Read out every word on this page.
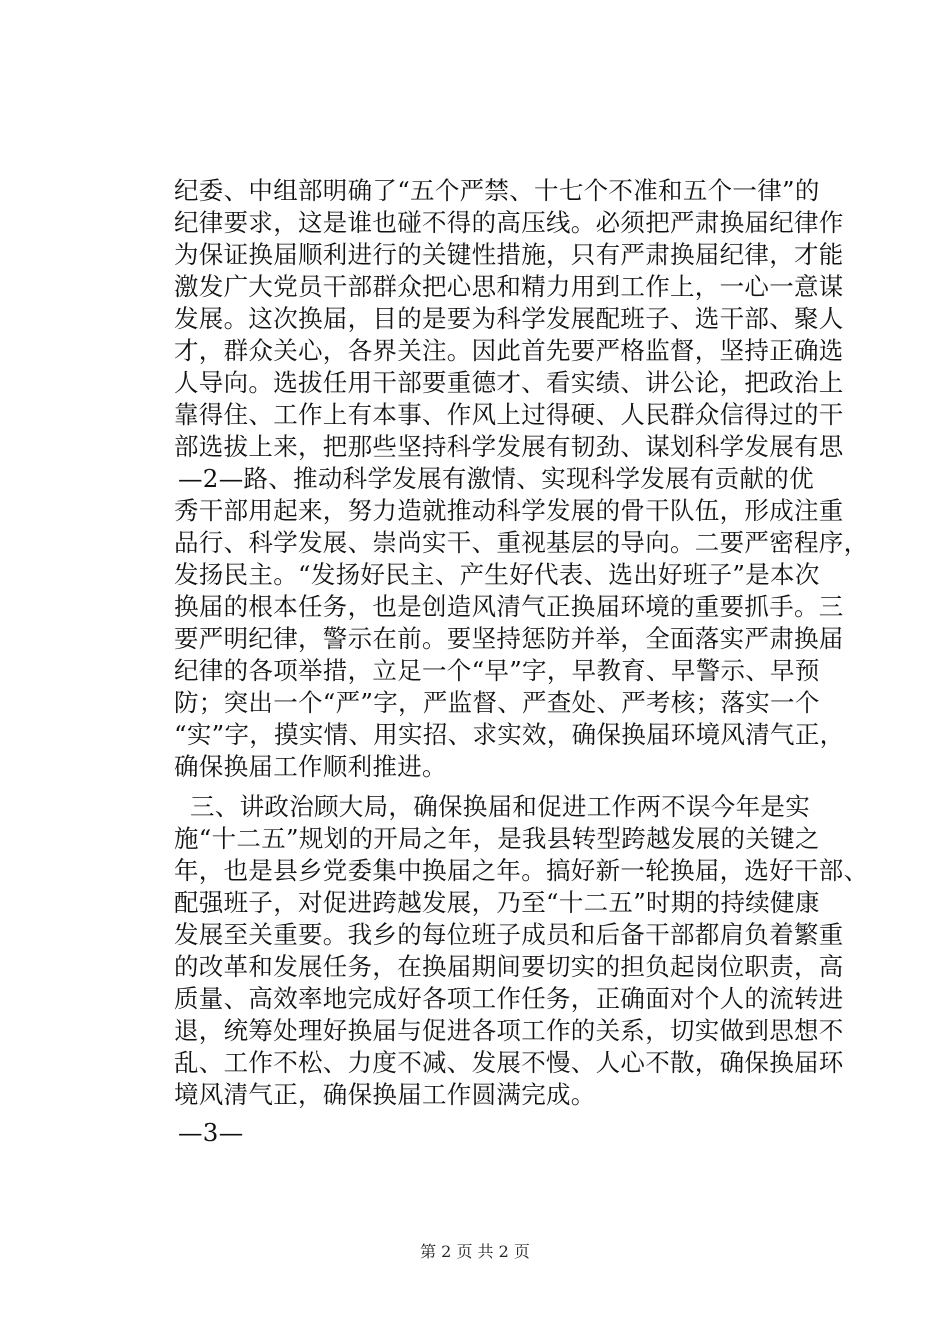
纪委、中组部明确了“五个严禁、十七个不准和五个一律”的
纪律要求，这是谁也碰不得的高压线。必须把严肃换届纪律作
为保证换届顺利进行的关键性措施，只有严肃换届纪律，才能
激发广大党员干部群众把心思和精力用到工作上，一心一意谋
发展。这次换届，目的是要为科学发展配班子、选干部、聚人
才，群众关心，各界关注。因此首先要严格监督，坚持正确选
人导向。选拔任用干部要重德才、看实绩、讲公论，把政治上
靠得住、工作上有本事、作风上过得硬、人民群众信得过的干
部选拔上来，把那些坚持科学发展有韧劲、谋划科学发展有思
—2—路、推动科学发展有激情、实现科学发展有贡献的优
秀干部用起来，努力造就推动科学发展的骨干队伍，形成注重
品行、科学发展、崇尚实干、重视基层的导向。二要严密程序，
发扬民主。“发扬好民主、产生好代表、选出好班子”是本次
换届的根本任务，也是创造风清气正换届环境的重要抓手。三
要严明纪律，警示在前。要坚持惩防并举，全面落实严肃换届
纪律的各项举措，立足一个“早”字，早教育、早警示、早预
防；突出一个“严”字，严监督、严查处、严考核；落实一个
“实”字，摸实情、用实招、求实效，确保换届环境风清气正，
确保换届工作顺利推进。
三、讲政治顾大局，确保换届和促进工作两不误今年是实
施“十二五”规划的开局之年，是我县转型跨越发展的关键之
年，也是县乡党委集中换届之年。搞好新一轮换届，选好干部、
配强班子，对促进跨越发展，乃至“十二五”时期的持续健康
发展至关重要。我乡的每位班子成员和后备干部都肩负着繁重
的改革和发展任务，在换届期间要切实的担负起岗位职责，高
质量、高效率地完成好各项工作任务，正确面对个人的流转进
退，统筹处理好换届与促进各项工作的关系，切实做到思想不
乱、工作不松、力度不减、发展不慢、人心不散，确保换届环
境风清气正，确保换届工作圆满完成。
—3—
第 2 页 共 2 页
